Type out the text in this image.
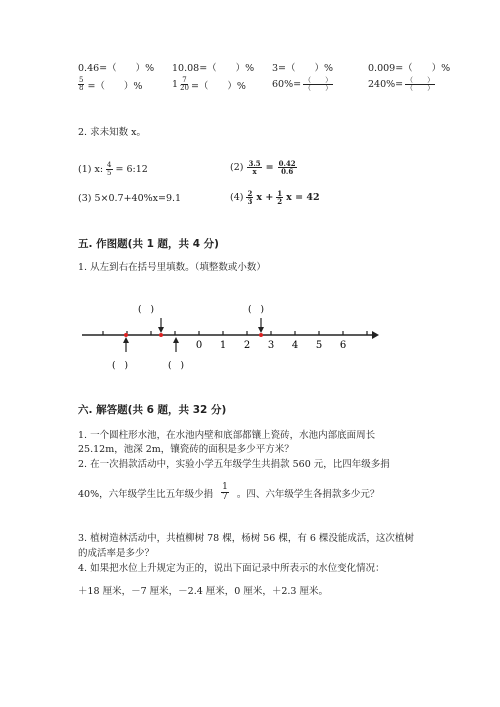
0.46=（　　）% 10.08=（　　）% 3=（　　）%	0.009=（　　）%
$\frac{5}{8}$ =（　　）%	$1 \frac{7}{20}$ =（　　）%	$60\%= \frac{( )}{( )}$	$240\%= \frac{( )}{( )}$
2. 求未知数 x。
(1) x: $\frac{4}{5}$ = 6:12	$(2) \frac{3.5}{x} = \frac{0.42}{0.6}$
(3) 5×0.7+40%x=9.1	$(4) \frac{2}{3}$ $x + \frac{1}{2}$ x = 42
五. 作图题(共 1 题，共 4 分)
1. 从左到右在括号里填数。（填整数或小数）
0 1 2 3 4 5 6
(　)	(　)
(　)	(　)
六. 解答题(共 6 题，共 32 分)
1. 一个圆柱形水池，在水池内壁和底部都镶上瓷砖，水池内部底面周长
25.12m，池深 2m，镶瓷砖的面积是多少平方米？
2. 在一次捐款活动中，实验小学五年级学生共捐款 560 元，比四年级多捐
40%，六年级学生比五年级少捐 $\frac{1}{7}$ 。四、六年级学生各捐款多少元？
3. 植树造林活动中，共植柳树 78 棵，杨树 56 棵，有 6 棵没能成活，这次植树
的成活率是多少？
4. 如果把水位上升规定为正的，说出下面记录中所表示的水位变化情况：
＋18 厘米，－7 厘米，－2.4 厘米，0 厘米，＋2.3 厘米。
